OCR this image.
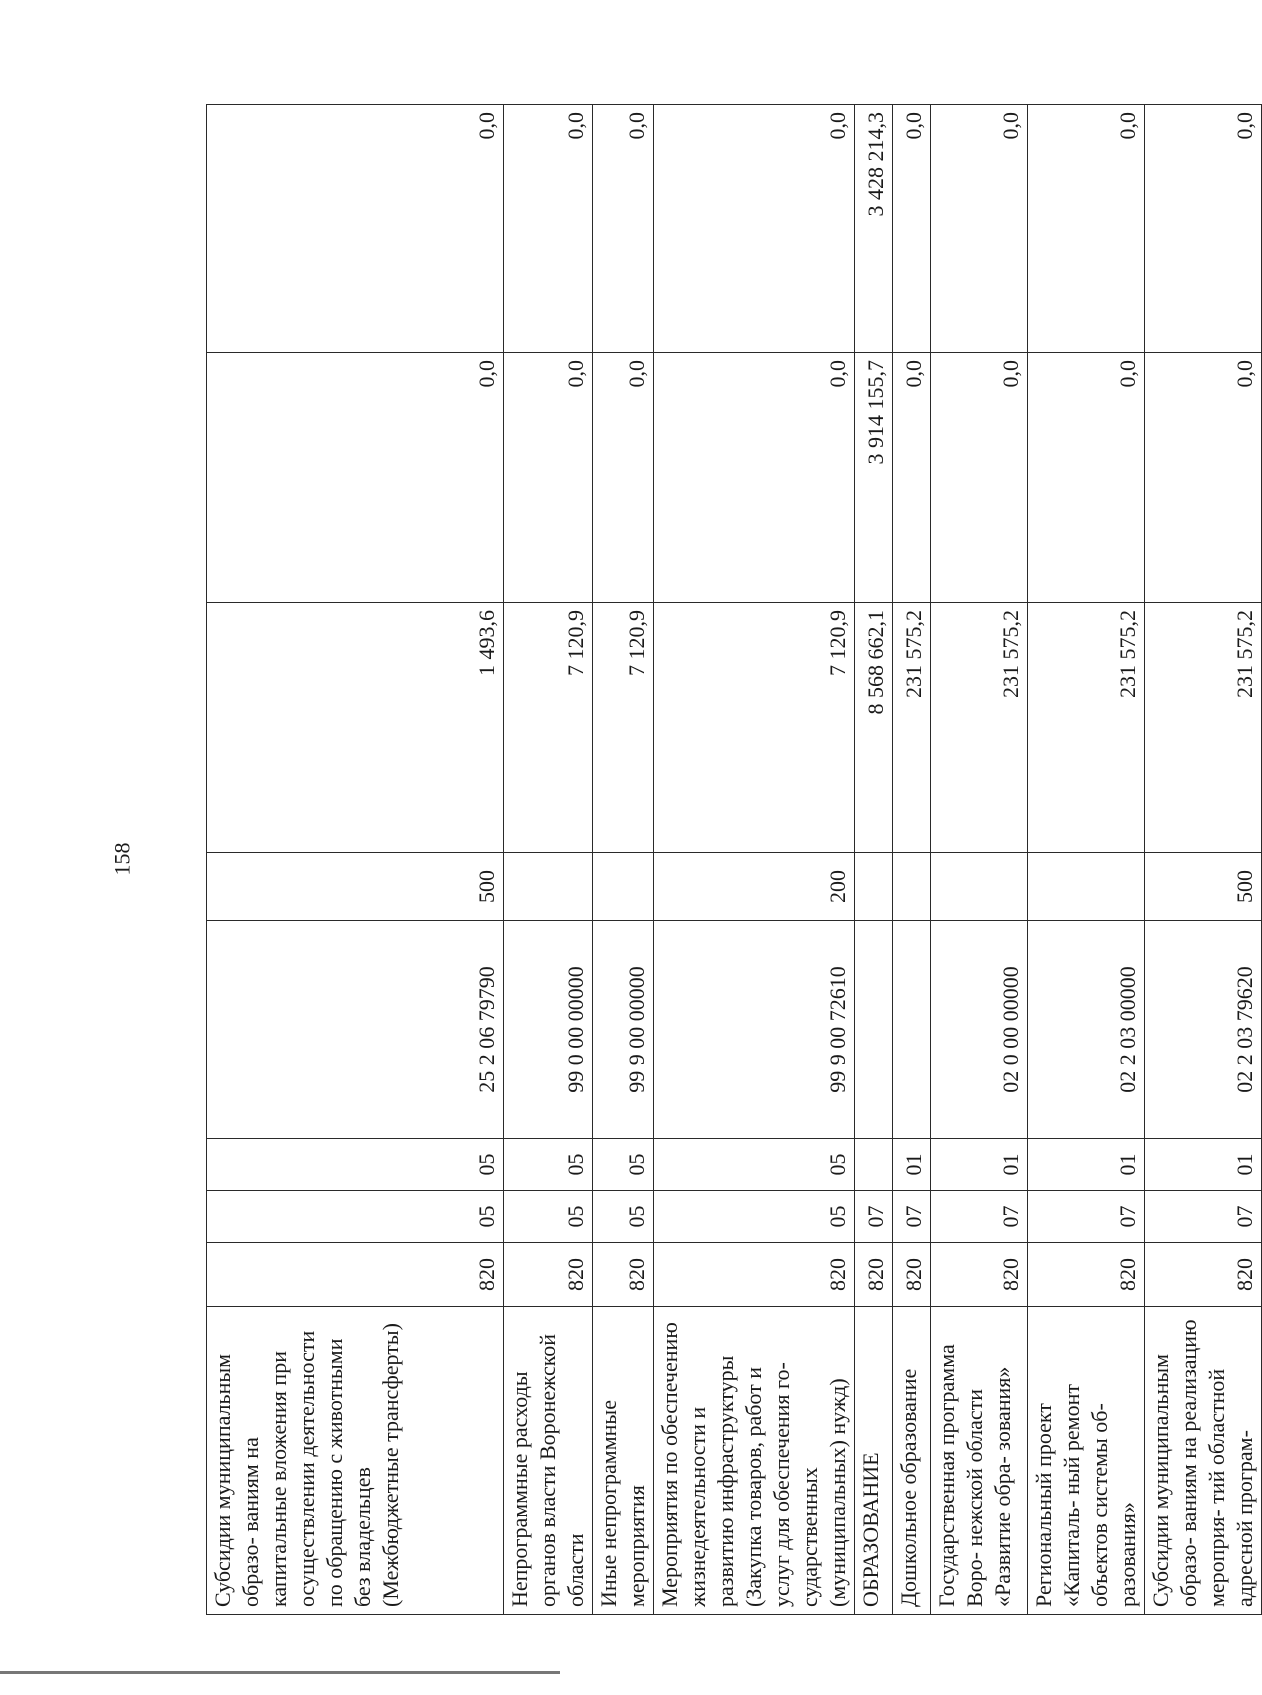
158
Субсидии муниципальным образо- ваниям на капитальные вложения при осуществлении деятельности по обращению с животными без владельцев (Межбюджетные трансферты)	820	05	05	25 2 06 79790	500	1 493,6	0,0	0,0
Непрограммные расходы органов власти Воронежской области	820	05	05	99 0 00 00000		7 120,9	0,0	0,0
Иные непрограммные мероприятия	820	05	05	99 9 00 00000		7 120,9	0,0	0,0
Мероприятия по обеспечению жизнедеятельности и развитию инфраструктуры (Закупка товаров, работ и услуг для обеспечения го- сударственных (муниципальных) нужд)	820	05	05	99 9 00 72610	200	7 120,9	0,0	0,0
ОБРАЗОВАНИЕ	820	07				8 568 662,1	3 914 155,7	3 428 214,3
Дошкольное образование	820	07	01			231 575,2	0,0	0,0
Государственная программа Воро- нежской области «Развитие обра- зования»	820	07	01	02 0 00 00000		231 575,2	0,0	0,0
Региональный проект «Капиталь- ный ремонт объектов системы об- разования»	820	07	01	02 2 03 00000		231 575,2	0,0	0,0
Субсидии муниципальным образо- ваниям на реализацию мероприя- тий областной адресной програм-	820	07	01	02 2 03 79620	500	231 575,2	0,0	0,0
